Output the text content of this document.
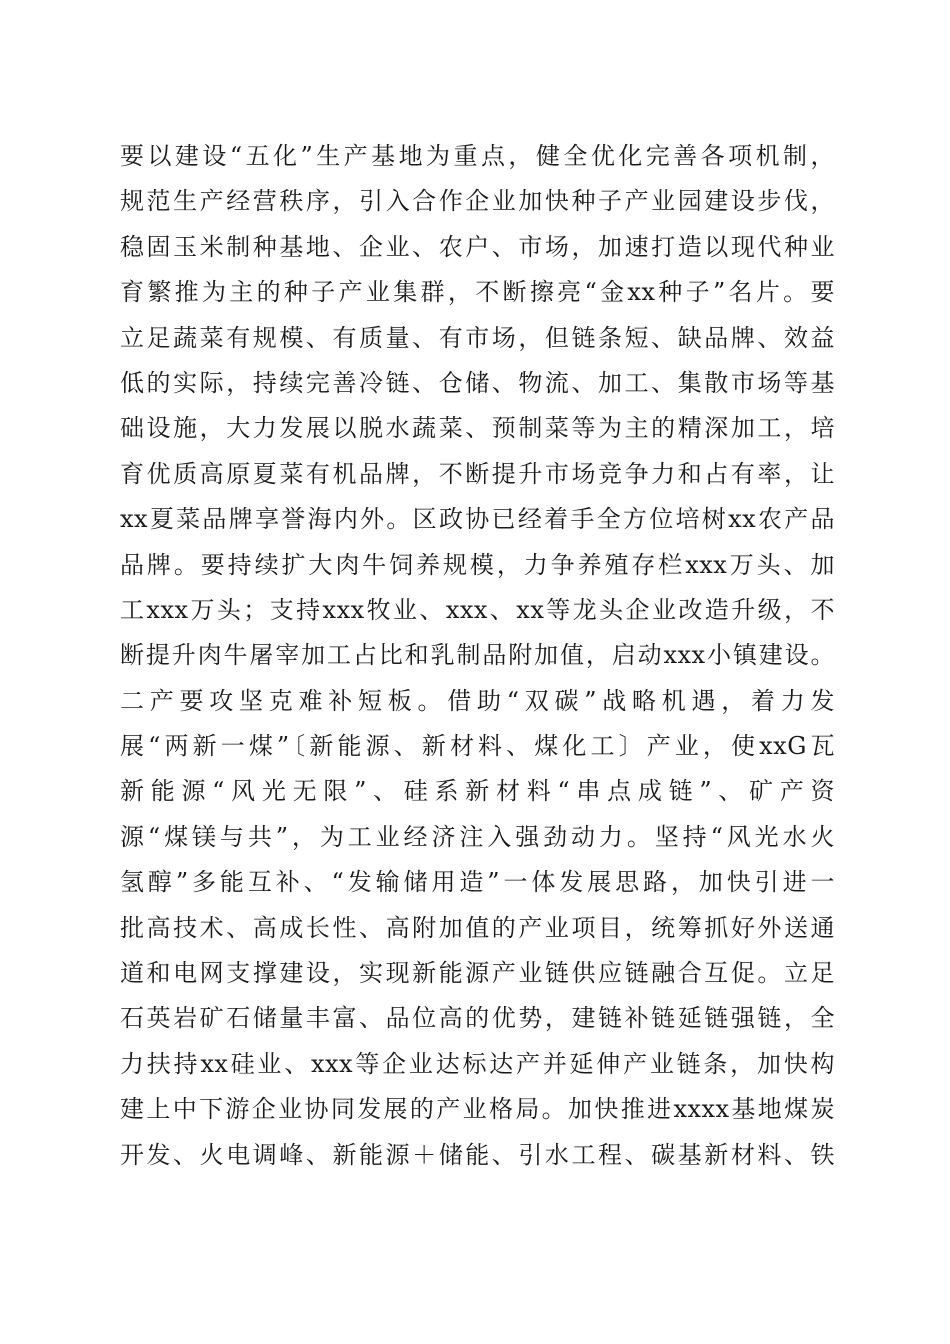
要以建设“五化”生产基地为重点，健全优化完善各项机制，
规范生产经营秩序，引入合作企业加快种子产业园建设步伐，
稳固玉米制种基地、企业、农户、市场，加速打造以现代种业
育繁推为主的种子产业集群，不断擦亮“金xx种子”名片。要
立足蔬菜有规模、有质量、有市场，但链条短、缺品牌、效益
低的实际，持续完善冷链、仓储、物流、加工、集散市场等基
础设施，大力发展以脱水蔬菜、预制菜等为主的精深加工，培
育优质高原夏菜有机品牌，不断提升市场竞争力和占有率，让
xx夏菜品牌享誉海内外。区政协已经着手全方位培树xx农产品
品牌。要持续扩大肉牛饲养规模，力争养殖存栏xxx万头、加
工xxx万头；支持xxx牧业、xxx、xx等龙头企业改造升级，不
断提升肉牛屠宰加工占比和乳制品附加值，启动xxx小镇建设。
二产要攻坚克难补短板。借助“双碳”战略机遇，着力发
展“两新一煤”〔新能源、新材料、煤化工〕产业，使xxG瓦
新能源“风光无限”、硅系新材料“串点成链”、矿产资
源“煤镁与共”，为工业经济注入强劲动力。坚持“风光水火
氢醇”多能互补、“发输储用造”一体发展思路，加快引进一
批高技术、高成长性、高附加值的产业项目，统筹抓好外送通
道和电网支撑建设，实现新能源产业链供应链融合互促。立足
石英岩矿石储量丰富、品位高的优势，建链补链延链强链，全
力扶持xx硅业、xxx等企业达标达产并延伸产业链条，加快构
建上中下游企业协同发展的产业格局。加快推进xxxx基地煤炭
开发、火电调峰、新能源＋储能、引水工程、碳基新材料、铁
